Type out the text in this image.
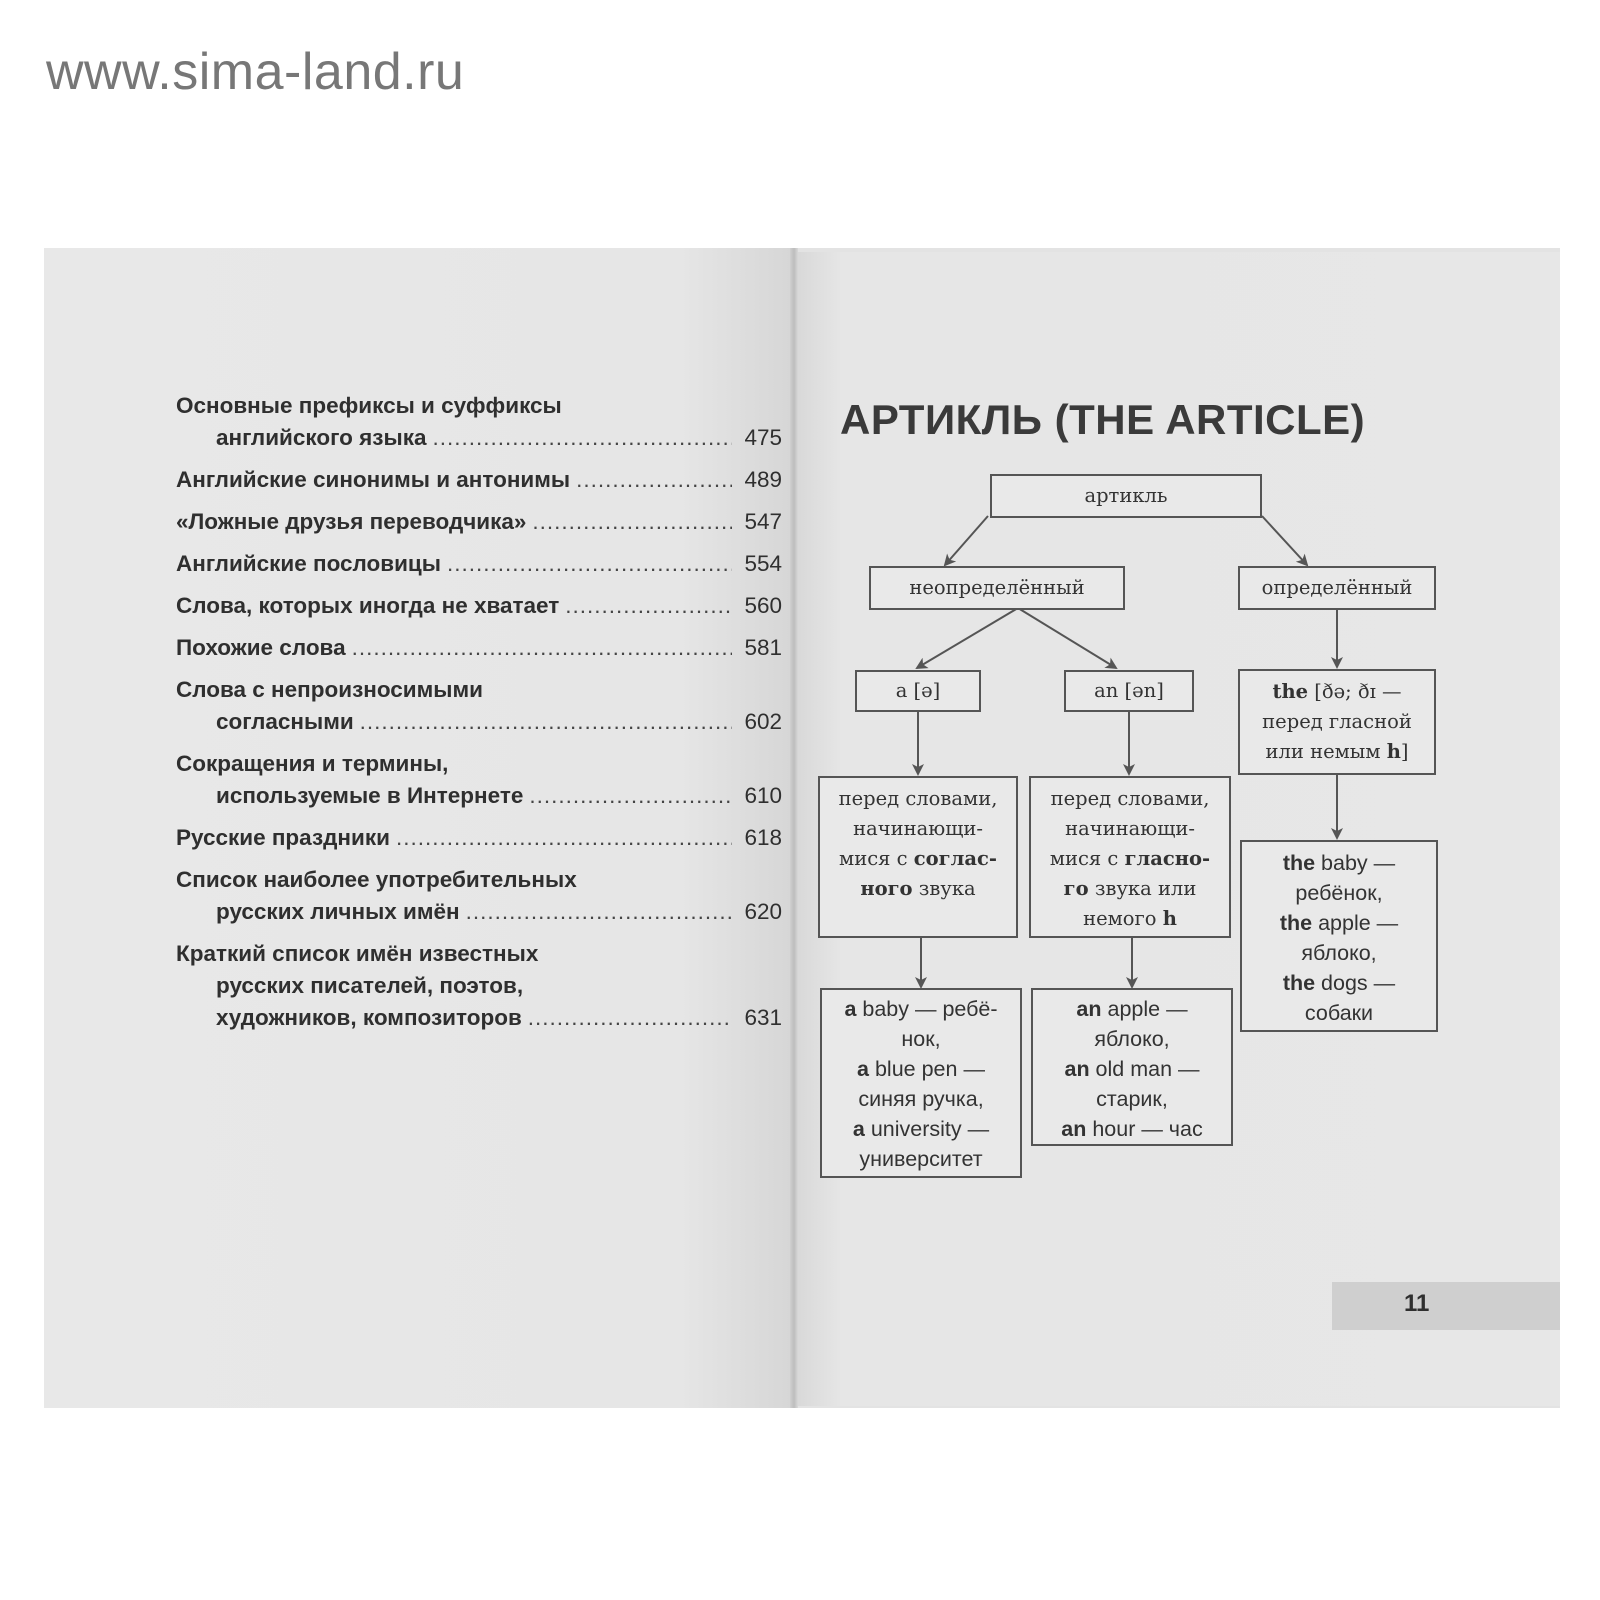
www.sima-land.ru
Основные префиксы и суффиксы
английского языка .....	475
Английские синонимы и антонимы .....	489
«Ложные друзья переводчика» .....	547
Английские пословицы .....	554
Слова, которых иногда не хватает .....	560
Похожие слова .....	581
Слова с непроизносимыми
согласными .....	602
Сокращения и термины,
используемые в Интернете .....	610
Русские праздники .....	618
Список наиболее употребительных
русских личных имён .....	620
Краткий список имён известных
русских писателей, поэтов,
художников, композиторов .....	631
АРТИКЛЬ (THE ARTICLE)
артикль
неопределённый	определённый
a [ə]	an [ən]	the [ðə; ðɪ —
перед гласной
или немым h]
перед словами,
начинающи-
мися с соглас-
ного звука
перед словами,
начинающи-
мися с гласно-
го звука или
немого h
the baby —
ребёнок,
the apple —
яблоко,
the dogs —
собаки
a baby — ребё-
нок,
a blue pen —
синяя ручка,
a university —
университет
an apple —
яблоко,
an old man —
старик,
an hour — час
11
